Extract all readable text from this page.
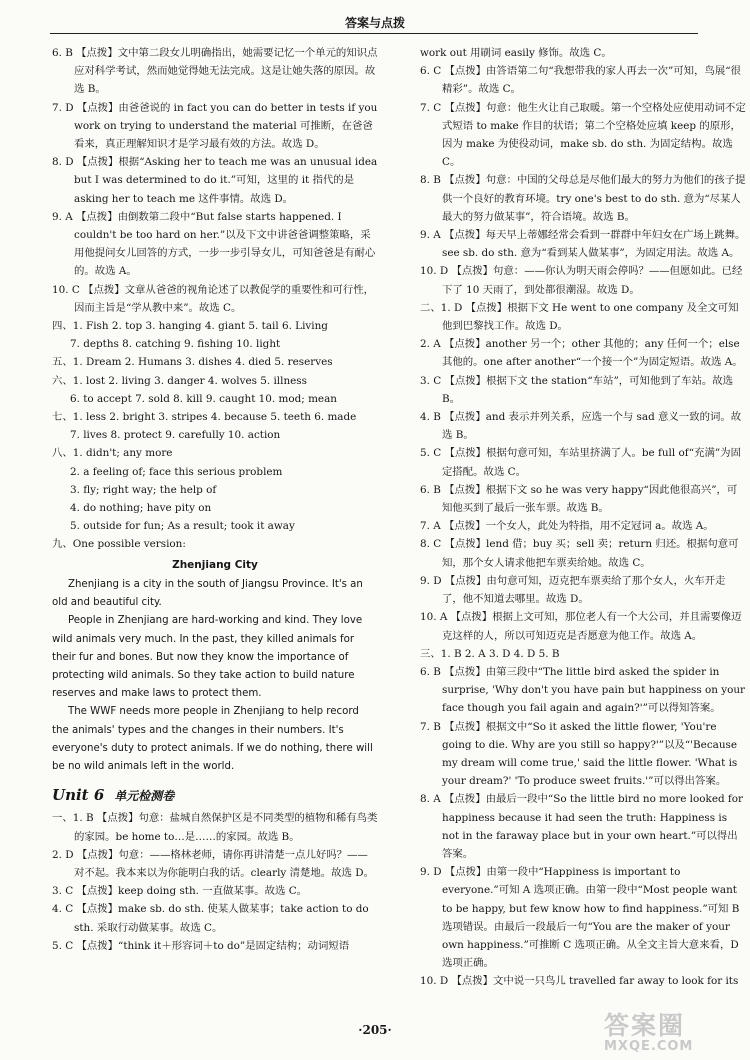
答案与点拨
6. B 【点拨】文中第二段女儿明确指出，她需要记忆一个单元的知识点应对科学考试，然而她觉得她无法完成。这是让她失落的原因。故选 B。
7. D 【点拨】由爸爸说的 in fact you can do better in tests if you work on trying to understand the material 可推断，在爸爸看来，真正理解知识才是学习最有效的方法。故选 D。
8. D 【点拨】根据“Asking her to teach me was an unusual idea but I was determined to do it.”可知，这里的 it 指代的是 asking her to teach me 这件事情。故选 D。
9. A 【点拨】由倒数第二段中“But false starts happened. I couldn't be too hard on her.”以及下文中讲爸爸调整策略，采用他提问女儿回答的方式，一步一步引导女儿，可知爸爸是有耐心的。故选 A。
10. C 【点拨】文章从爸爸的视角论述了以教促学的重要性和可行性，因而主旨是“学从教中来”。故选 C。
四、1. Fish 2. top 3. hanging 4. giant 5. tail 6. Living
7. depths 8. catching 9. fishing 10. light
五、1. Dream 2. Humans 3. dishes 4. died 5. reserves
六、1. lost 2. living 3. danger 4. wolves 5. illness
6. to accept 7. sold 8. kill 9. caught 10. mod; mean
七、1. less 2. bright 3. stripes 4. because 5. teeth 6. made
7. lives 8. protect 9. carefully 10. action
八、1. didn't; any more
2. a feeling of; face this serious problem
3. fly; right way; the help of
4. do nothing; have pity on
5. outside for fun; As a result; took it away
九、One possible version:
Zhenjiang City
Zhenjiang is a city in the south of Jiangsu Province. It's an old and beautiful city.
People in Zhenjiang are hard-working and kind. They love wild animals very much. In the past, they killed animals for their fur and bones. But now they know the importance of protecting wild animals. So they take action to build nature reserves and make laws to protect them.
The WWF needs more people in Zhenjiang to help record the animals' types and the changes in their numbers. It's everyone's duty to protect animals. If we do nothing, there will be no wild animals left in the world.
Unit 6 单元检测卷
一、1. B 【点拨】句意：盐城自然保护区是不同类型的植物和稀有鸟类的家园。be home to…是……的家园。故选 B。
2. D 【点拨】句意：——格林老师，请你再讲清楚一点儿好吗？——对不起。我本来以为你能明白我的话。clearly 清楚地。故选 D。
3. C 【点拨】keep doing sth. 一直做某事。故选 C。
4. C 【点拨】make sb. do sth. 使某人做某事；take action to do sth. 采取行动做某事。故选 C。
5. C 【点拨】“think it＋形容词＋to do”是固定结构；动词短语
work out 用刷词 easily 修饰。故选 C。
6. C 【点拨】由答语第二句“我想带我的家人再去一次”可知，鸟展“很精彩”。故选 C。
7. C 【点拨】句意：他生火让自己取暖。第一个空格处应使用动词不定式短语 to make 作目的状语；第二个空格处应填 keep 的原形，因为 make 为使役动词，make sb. do sth. 为固定结构。故选 C。
8. B 【点拨】句意：中国的父母总是尽他们最大的努力为他们的孩子提供一个良好的教育环境。try one's best to do sth. 意为“尽某人最大的努力做某事”，符合语境。故选 B。
9. A 【点拨】每天早上蒂娜经常会看到一群群中年妇女在广场上跳舞。see sb. do sth. 意为“看到某人做某事”，为固定用法。故选 A。
10. D 【点拨】句意：——你认为明天雨会停吗？——但愿如此。已经下了 10 天雨了，到处都很潮湿。故选 D。
二、1. D 【点拨】根据下文 He went to one company 及全文可知他到巴黎找工作。故选 D。
2. A 【点拨】another 另一个；other 其他的；any 任何一个；else 其他的。one after another“一个接一个”为固定短语。故选 A。
3. C 【点拨】根据下文 the station“车站”，可知他到了车站。故选 B。
4. B 【点拨】and 表示并列关系，应选一个与 sad 意义一致的词。故选 B。
5. C 【点拨】根据句意可知，车站里挤满了人。be full of“充满”为固定搭配。故选 C。
6. B 【点拨】根据下文 so he was very happy“因此他很高兴”，可知他买到了最后一张车票。故选 B。
7. A 【点拨】一个女人，此处为特指，用不定冠词 a。故选 A。
8. C 【点拨】lend 借；buy 买；sell 卖；return 归还。根据句意可知，那个女人请求他把车票卖给她。故选 C。
9. D 【点拨】由句意可知，迈克把车票卖给了那个女人，火车开走了，他不知道去哪里。故选 D。
10. A 【点拨】根据上文可知，那位老人有一个大公司，并且需要像迈克这样的人，所以可知迈克是否愿意为他工作。故选 A。
三、1. B 2. A 3. D 4. D 5. B
6. B 【点拨】由第三段中“The little bird asked the spider in surprise, 'Why don't you have pain but happiness on your face though you fail again and again?'”可以得知答案。
7. B 【点拨】根据文中“So it asked the little flower, 'You're going to die. Why are you still so happy?'”以及“'Because my dream will come true,' said the little flower. 'What is your dream?' 'To produce sweet fruits.'”可以得出答案。
8. A 【点拨】由最后一段中“So the little bird no more looked for happiness because it had seen the truth: Happiness is not in the faraway place but in your own heart.”可以得出答案。
9. D 【点拨】由第一段中“Happiness is important to everyone.”可知 A 选项正确。由第一段中“Most people want to be happy, but few know how to find happiness.”可知 B 选项错误。由最后一段最后一句“You are the maker of your own happiness.”可推断 C 选项正确。从全文主旨大意来看，D 选项正确。
10. D 【点拨】文中说一只鸟儿 travelled far away to look for its
·205·	答案圈
MXQE.COM
